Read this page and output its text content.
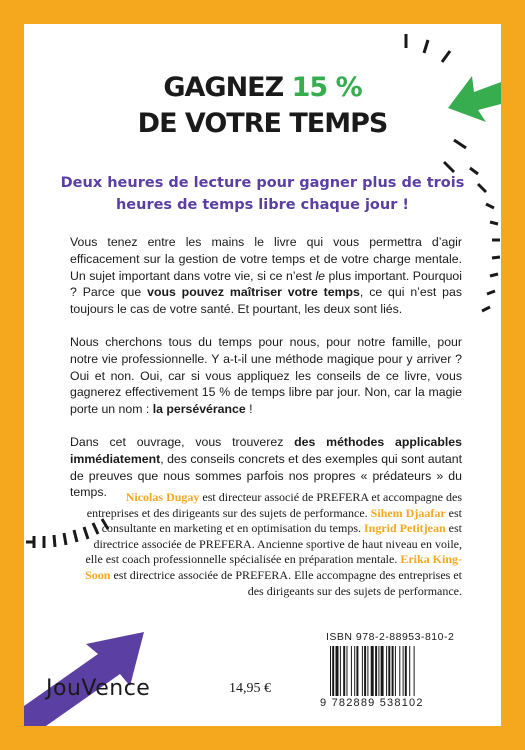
GAGNEZ 15 %
DE VOTRE TEMPS
Deux heures de lecture pour gagner plus de trois heures de temps libre chaque jour !

Vous tenez entre les mains le livre qui vous permettra d’agir efficacement sur la gestion de votre temps et de votre charge mentale. Un sujet important dans votre vie, si ce n’est le plus important. Pourquoi ? Parce que vous pouvez maîtriser votre temps, ce qui n’est pas toujours le cas de votre santé. Et pourtant, les deux sont liés.

Nous cherchons tous du temps pour nous, pour notre famille, pour notre vie professionnelle. Y a-t-il une méthode magique pour y arriver ? Oui et non. Oui, car si vous appliquez les conseils de ce livre, vous gagnerez effectivement 15 % de temps libre par jour. Non, car la magie porte un nom : la persévérance !

Dans cet ouvrage, vous trouverez des méthodes applicables immédiatement, des conseils concrets et des exemples qui sont autant de preuves que nous sommes parfois nos propres « prédateurs » du temps.	Nicolas Dugay est directeur associé de PREFERA et accompagne des entreprises et des dirigeants sur des sujets de performance. Sihem Djaafar est consultante en marketing et en optimisation du temps. Ingrid Petitjean est directrice associée de PREFERA. Ancienne sportive de haut niveau en voile, elle est coach professionnelle spécialisée en préparation mentale. Erika King-Soon est directrice associée de PREFERA. Elle accompagne des entreprises et des dirigeants sur des sujets de performance.
JouVence	14,95 €
ISBN 978-2-88953-810-2
9 782889 538102
